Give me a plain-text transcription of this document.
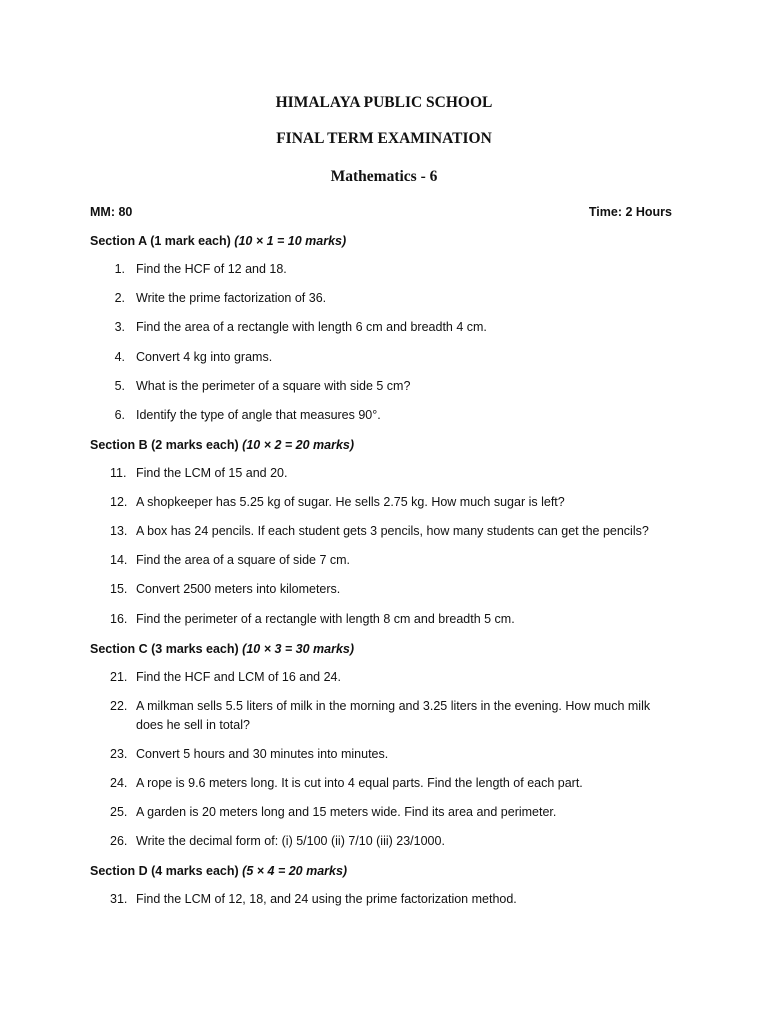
HIMALAYA PUBLIC SCHOOL
FINAL TERM EXAMINATION
Mathematics - 6
MM: 80	Time: 2 Hours

Section A (1 mark each) (10 × 1 = 10 marks)

1. Find the HCF of 12 and 18.
2. Write the prime factorization of 36.
3. Find the area of a rectangle with length 6 cm and breadth 4 cm.
4. Convert 4 kg into grams.
5. What is the perimeter of a square with side 5 cm?
6. Identify the type of angle that measures 90°.

Section B (2 marks each) (10 × 2 = 20 marks)

11. Find the LCM of 15 and 20.
12. A shopkeeper has 5.25 kg of sugar. He sells 2.75 kg. How much sugar is left?
13. A box has 24 pencils. If each student gets 3 pencils, how many students can get the pencils?
14. Find the area of a square of side 7 cm.
15. Convert 2500 meters into kilometers.
16. Find the perimeter of a rectangle with length 8 cm and breadth 5 cm.

Section C (3 marks each) (10 × 3 = 30 marks)

21. Find the HCF and LCM of 16 and 24.
22. A milkman sells 5.5 liters of milk in the morning and 3.25 liters in the evening. How much milk does he sell in total?
23. Convert 5 hours and 30 minutes into minutes.
24. A rope is 9.6 meters long. It is cut into 4 equal parts. Find the length of each part.
25. A garden is 20 meters long and 15 meters wide. Find its area and perimeter.
26. Write the decimal form of: (i) 5/100 (ii) 7/10 (iii) 23/1000.

Section D (4 marks each) (5 × 4 = 20 marks)

31. Find the LCM of 12, 18, and 24 using the prime factorization method.
